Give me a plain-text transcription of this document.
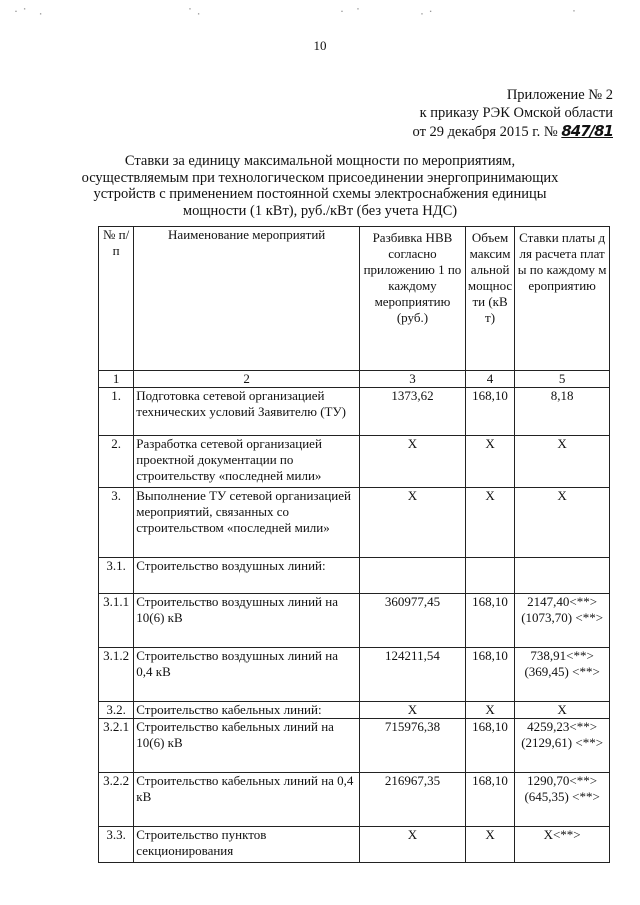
⠂⠁ ⠄	⠁⠄	⠂ ⠁	⠄⠂	⠁
10
Приложение № 2
к приказу РЭК Омской области
от 29 декабря 2015 г. № 847/81
Ставки за единицу максимальной мощности по мероприятиям,
осуществляемым при технологическом присоединении энергопринимающих
устройств с применением постоянной схемы электроснабжения единицы
мощности (1 кВт), руб./кВт (без учета НДС)
№ п/п	Наименование мероприятий	Разбивка НВВ согласно приложению 1 по каждому мероприятию (руб.)	Объем максимальной мощности (кВт)	Ставки платы для расчета платы по каждому мероприятию
1	2	3	4	5
1.	Подготовка сетевой организацией технических условий Заявителю (ТУ)	1373,62	168,10	8,18
2.	Разработка сетевой организацией проектной документации по строительству «последней мили»	Х	Х	Х
3.	Выполнение ТУ сетевой организацией мероприятий, связанных со строительством «последней мили»	Х	Х	Х
3.1.	Строительство воздушных линий:			
3.1.1	Строительство воздушных линий на 10(6) кВ	360977,45	168,10	2147,40<**> (1073,70) <**>
3.1.2	Строительство воздушных линий на 0,4 кВ	124211,54	168,10	738,91<**> (369,45) <**>
3.2.	Строительство кабельных линий:	Х	Х	Х
3.2.1	Строительство кабельных линий на 10(6) кВ	715976,38	168,10	4259,23<**> (2129,61) <**>
3.2.2	Строительство кабельных линий на 0,4 кВ	216967,35	168,10	1290,70<**> (645,35) <**>
3.3.	Строительство пунктов секционирования	Х	Х	Х<**>
